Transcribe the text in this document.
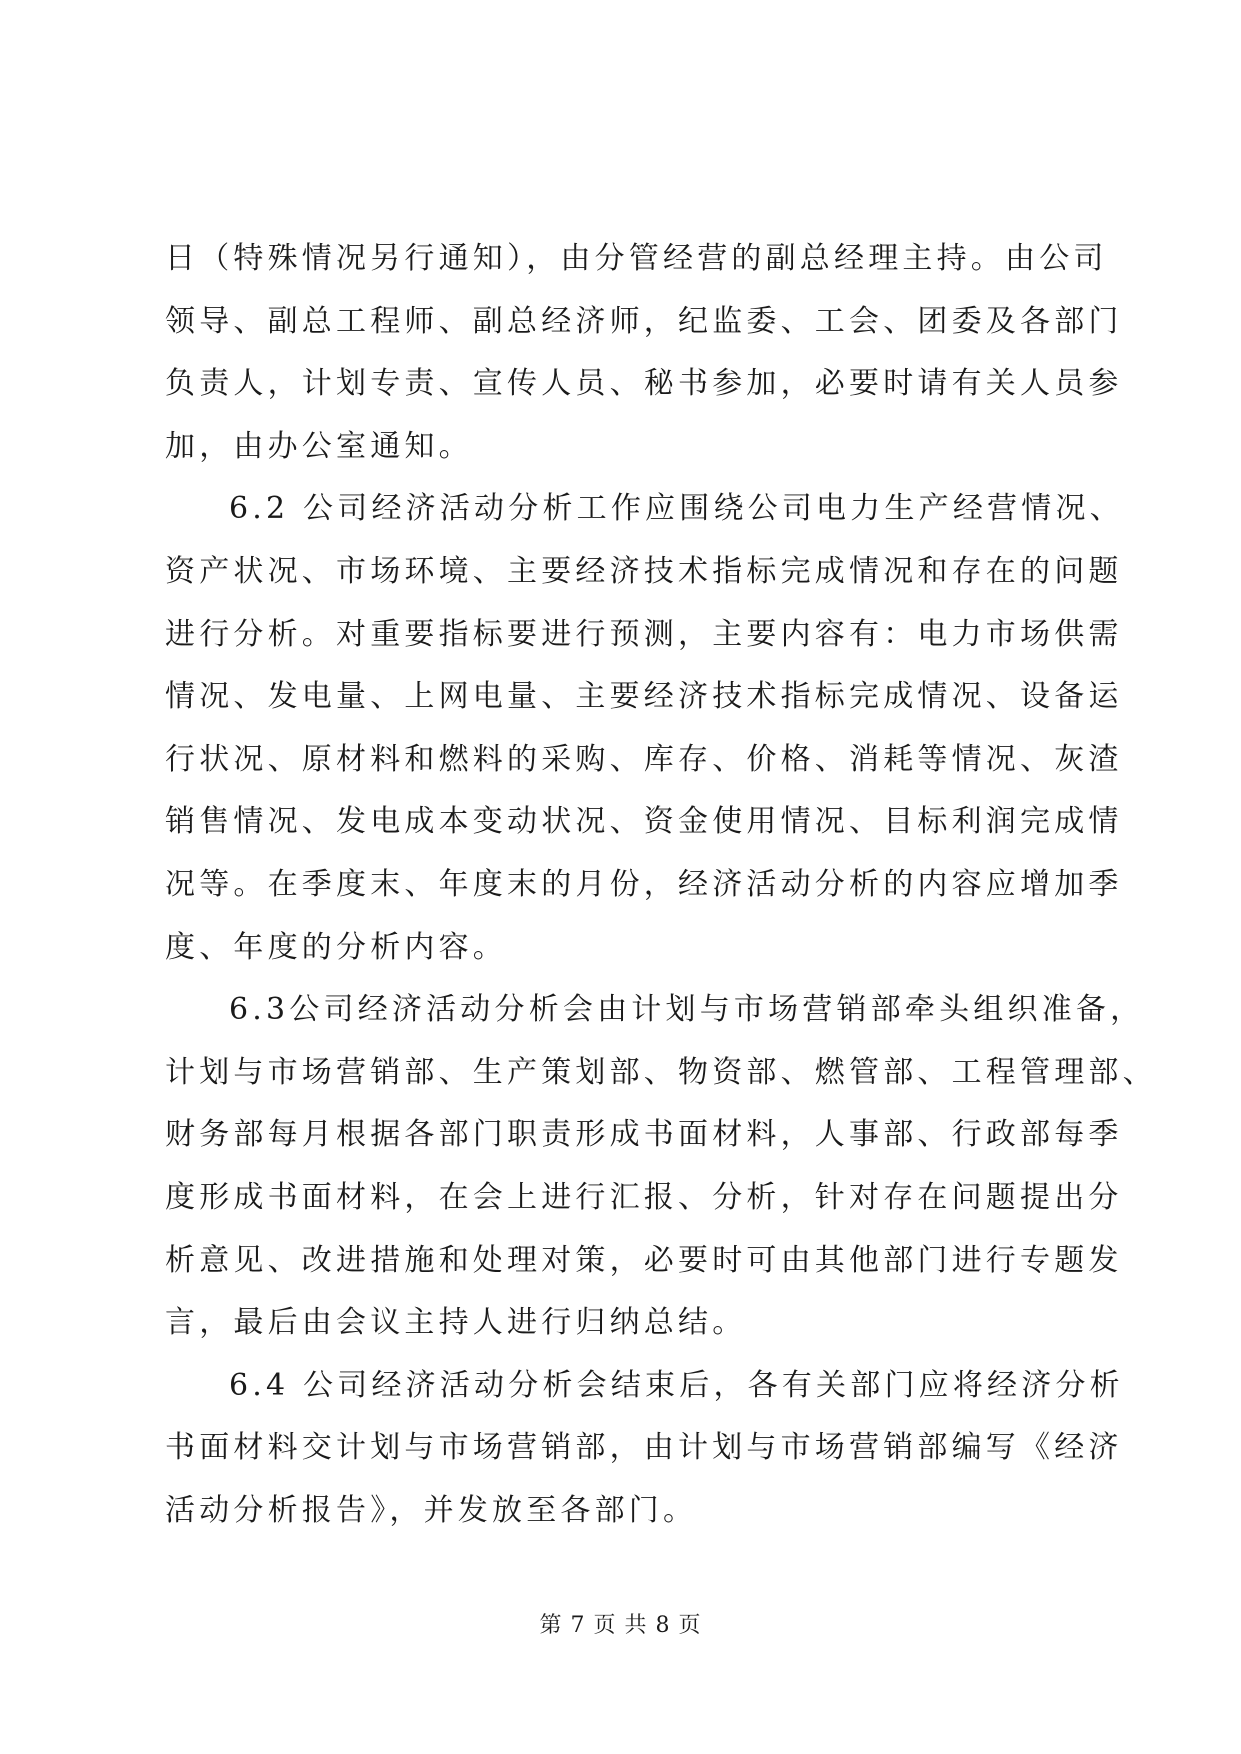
日（特殊情况另行通知），由分管经营的副总经理主持。由公司
领导、副总工程师、副总经济师，纪监委、工会、团委及各部门
负责人，计划专责、宣传人员、秘书参加，必要时请有关人员参
加，由办公室通知。
6.2 公司经济活动分析工作应围绕公司电力生产经营情况、
资产状况、市场环境、主要经济技术指标完成情况和存在的问题
进行分析。对重要指标要进行预测，主要内容有：电力市场供需
情况、发电量、上网电量、主要经济技术指标完成情况、设备运
行状况、原材料和燃料的采购、库存、价格、消耗等情况、灰渣
销售情况、发电成本变动状况、资金使用情况、目标利润完成情
况等。在季度末、年度末的月份，经济活动分析的内容应增加季
度、年度的分析内容。
6.3公司经济活动分析会由计划与市场营销部牵头组织准备，
计划与市场营销部、生产策划部、物资部、燃管部、工程管理部、
财务部每月根据各部门职责形成书面材料，人事部、行政部每季
度形成书面材料，在会上进行汇报、分析，针对存在问题提出分
析意见、改进措施和处理对策，必要时可由其他部门进行专题发
言，最后由会议主持人进行归纳总结。
6.4 公司经济活动分析会结束后，各有关部门应将经济分析
书面材料交计划与市场营销部，由计划与市场营销部编写《经济
活动分析报告》，并发放至各部门。
第 7 页 共 8 页
